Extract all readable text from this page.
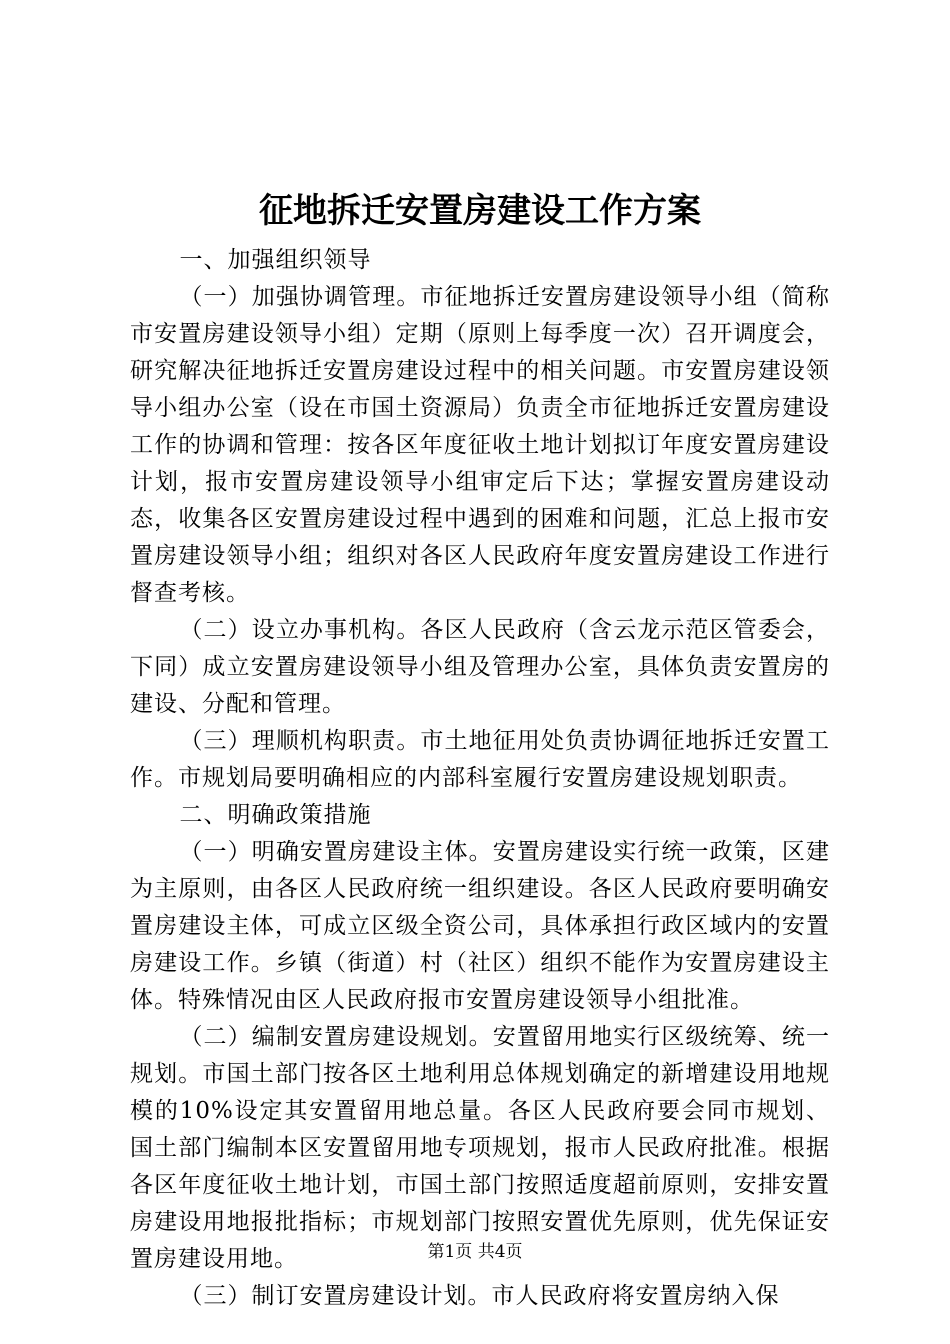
征地拆迁安置房建设工作方案

一、加强组织领导

（一）加强协调管理。市征地拆迁安置房建设领导小组（简称市安置房建设领导小组）定期（原则上每季度一次）召开调度会，研究解决征地拆迁安置房建设过程中的相关问题。市安置房建设领导小组办公室（设在市国土资源局）负责全市征地拆迁安置房建设工作的协调和管理：按各区年度征收土地计划拟订年度安置房建设计划，报市安置房建设领导小组审定后下达；掌握安置房建设动态，收集各区安置房建设过程中遇到的困难和问题，汇总上报市安置房建设领导小组；组织对各区人民政府年度安置房建设工作进行督查考核。

（二）设立办事机构。各区人民政府（含云龙示范区管委会，下同）成立安置房建设领导小组及管理办公室，具体负责安置房的建设、分配和管理。

（三）理顺机构职责。市土地征用处负责协调征地拆迁安置工作。市规划局要明确相应的内部科室履行安置房建设规划职责。

二、明确政策措施

（一）明确安置房建设主体。安置房建设实行统一政策，区建为主原则，由各区人民政府统一组织建设。各区人民政府要明确安置房建设主体，可成立区级全资公司，具体承担行政区域内的安置房建设工作。乡镇（街道）村（社区）组织不能作为安置房建设主体。特殊情况由区人民政府报市安置房建设领导小组批准。

（二）编制安置房建设规划。安置留用地实行区级统筹、统一规划。市国土部门按各区土地利用总体规划确定的新增建设用地规模的10%设定其安置留用地总量。各区人民政府要会同市规划、国土部门编制本区安置留用地专项规划，报市人民政府批准。根据各区年度征收土地计划，市国土部门按照适度超前原则，安排安置房建设用地报批指标；市规划部门按照安置优先原则，优先保证安置房建设用地。

（三）制订安置房建设计划。市人民政府将安置房纳入保

第1页 共4页
